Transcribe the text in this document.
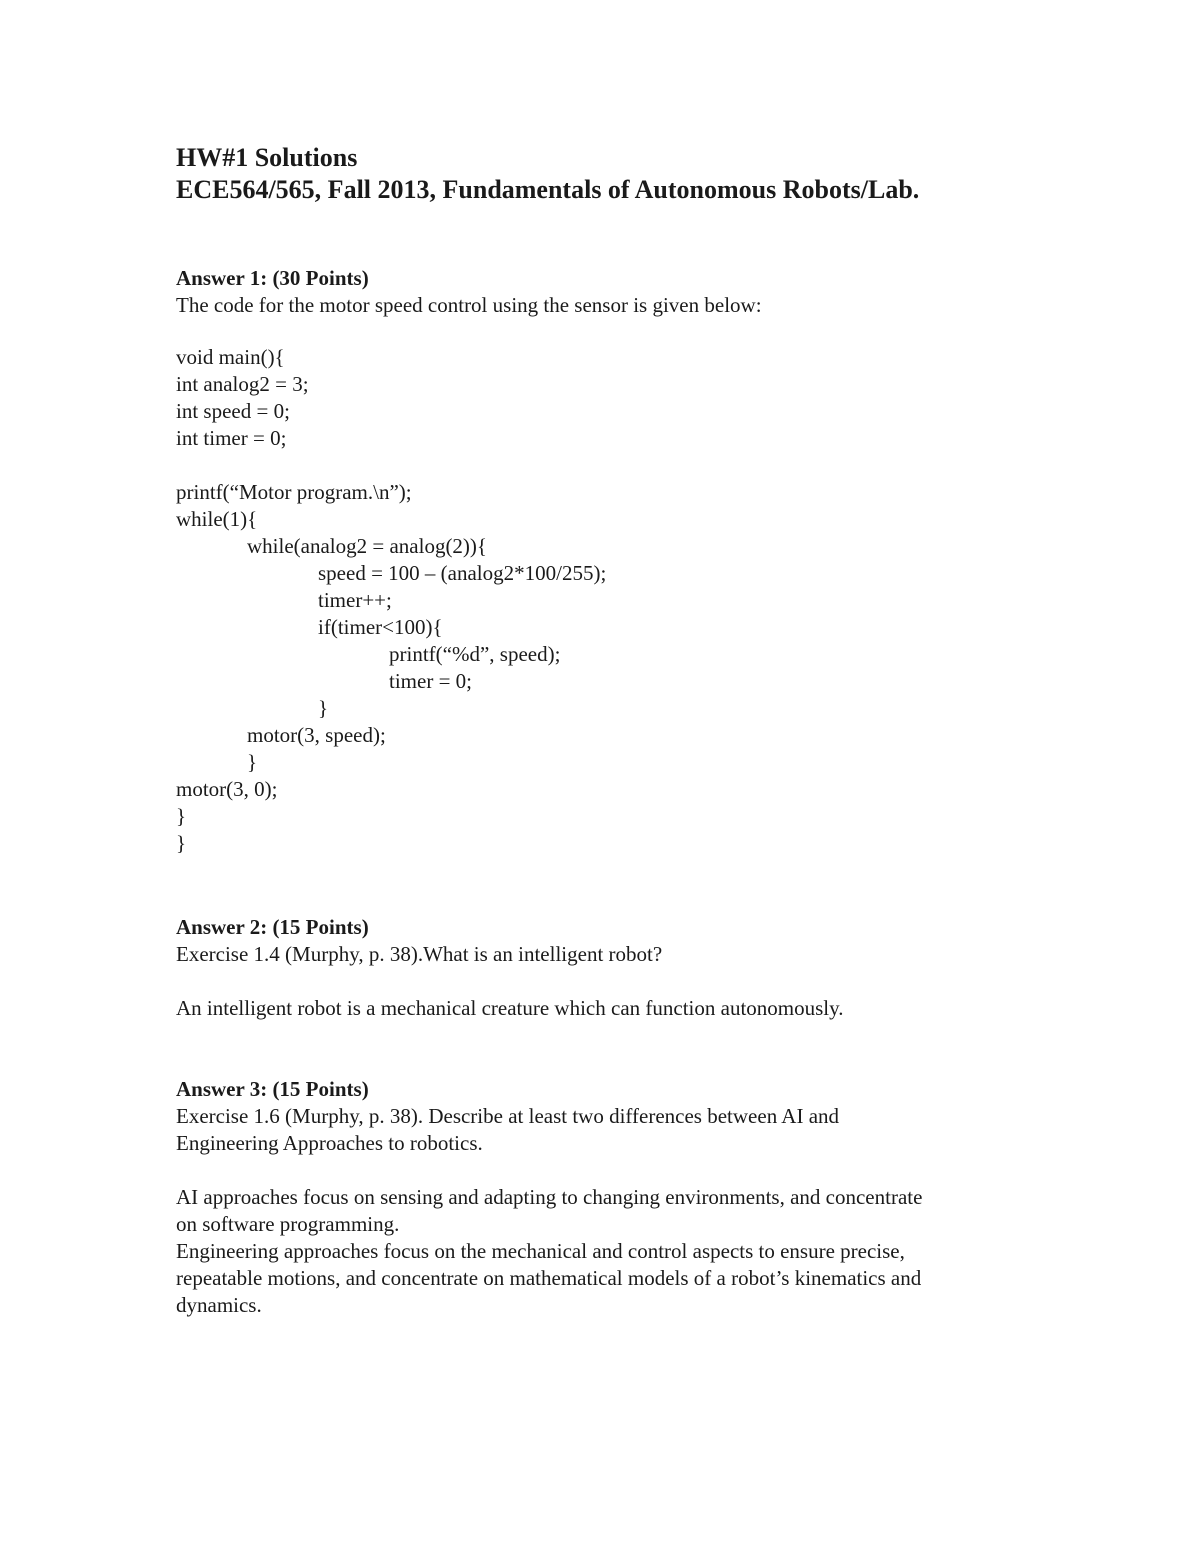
HW#1 Solutions

ECE564/565, Fall 2013, Fundamentals of Autonomous Robots/Lab.

Answer 1: (30 Points)

The code for the motor speed control using the sensor is given below:

void main(){
int analog2 = 3;
int speed = 0;
int timer = 0;
printf(“Motor program.\n”);
while(1){
while(analog2 = analog(2)){
speed = 100 – (analog2*100/255);
timer++;
if(timer<100){
printf(“%d”, speed);
timer = 0;
}
motor(3, speed);
}
motor(3, 0);
}
}

Answer 2: (15 Points)

Exercise 1.4 (Murphy, p. 38).What is an intelligent robot?

An intelligent robot is a mechanical creature which can function autonomously.

Answer 3: (15 Points)

Exercise 1.6 (Murphy, p. 38). Describe at least two differences between AI and

Engineering Approaches to robotics.

AI approaches focus on sensing and adapting to changing environments, and concentrate

on software programming.

Engineering approaches focus on the mechanical and control aspects to ensure precise,

repeatable motions, and concentrate on mathematical models of a robot’s kinematics and

dynamics.
